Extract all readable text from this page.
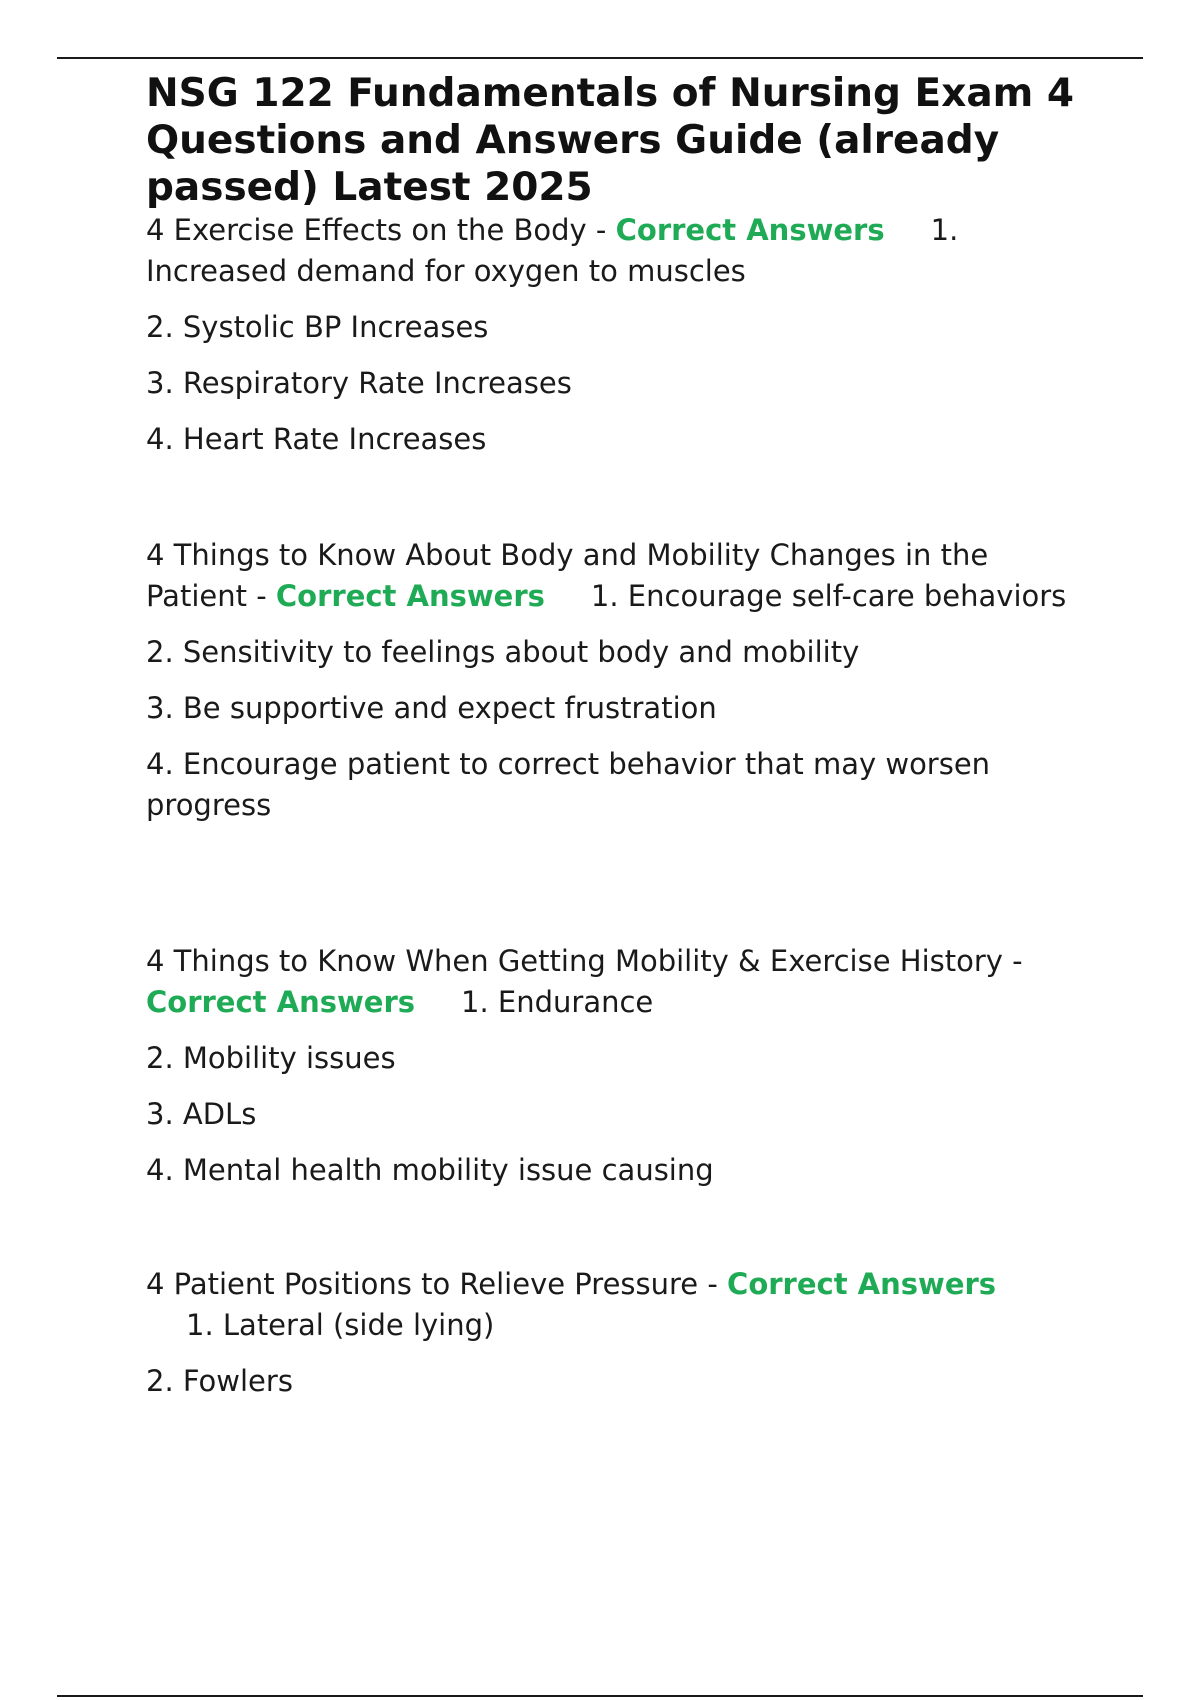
NSG 122 Fundamentals of Nursing Exam 4 Questions and Answers Guide (already passed) Latest 2025

4 Exercise Effects on the Body - Correct Answers 1. Increased demand for oxygen to muscles

2. Systolic BP Increases

3. Respiratory Rate Increases

4. Heart Rate Increases

4 Things to Know About Body and Mobility Changes in the Patient - Correct Answers 1. Encourage self-care behaviors

2. Sensitivity to feelings about body and mobility

3. Be supportive and expect frustration

4. Encourage patient to correct behavior that may worsen progress

4 Things to Know When Getting Mobility & Exercise History - Correct Answers 1. Endurance

2. Mobility issues

3. ADLs

4. Mental health mobility issue causing

4 Patient Positions to Relieve Pressure - Correct Answers
1. Lateral (side lying)

2. Fowlers
